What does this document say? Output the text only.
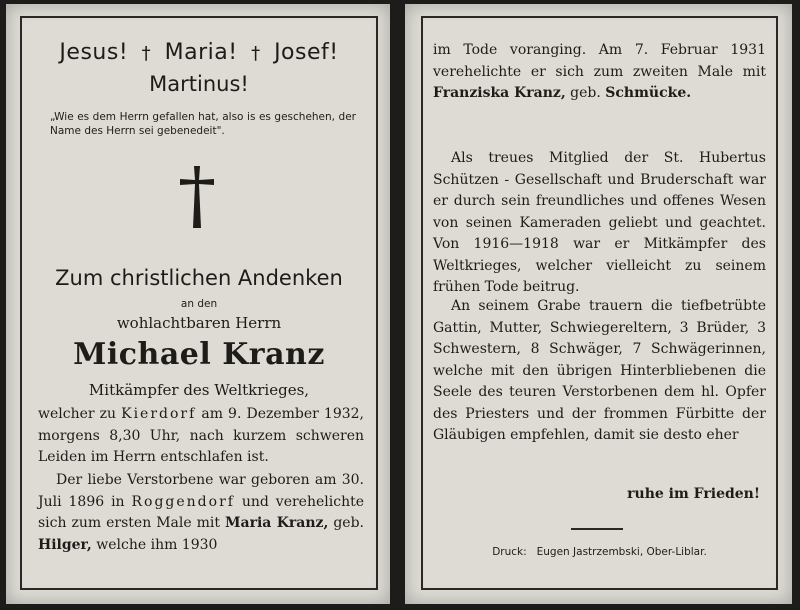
Jesus! † Maria! † Josef!
Martinus!
„Wie es dem Herrn gefallen hat, also is es geschehen, der Name des Herrn sei gebenedeit".
Zum christlichen Andenken
an den
wohlachtbaren Herrn
Michael Kranz
Mitkämpfer des Weltkrieges,
welcher zu Kierdorf am 9. Dezember 1932, morgens 8,30 Uhr, nach kurzem schweren Leiden im Herrn entschlafen ist.
Der liebe Verstorbene war geboren am 30. Juli 1896 in Roggendorf und verehelichte sich zum ersten Male mit Maria Kranz, geb. Hilger, welche ihm 1930
im Tode voranging. Am 7. Februar 1931 verehelichte er sich zum zweiten Male mit Franziska Kranz, geb. Schmücke.
Als treues Mitglied der St. Hubertus Schützen - Gesellschaft und Bruderschaft war er durch sein freundliches und offenes Wesen von seinen Kameraden geliebt und geachtet. Von 1916—1918 war er Mitkämpfer des Weltkrieges, welcher vielleicht zu seinem frühen Tode beitrug.
An seinem Grabe trauern die tiefbetrübte Gattin, Mutter, Schwiegereltern, 3 Brüder, 3 Schwestern, 8 Schwäger, 7 Schwägerinnen, welche mit den übrigen Hinterbliebenen die Seele des teuren Verstorbenen dem hl. Opfer des Priesters und der frommen Fürbitte der Gläubigen empfehlen, damit sie desto eher
ruhe im Frieden!
Druck: Eugen Jastrzembski, Ober-Liblar.
